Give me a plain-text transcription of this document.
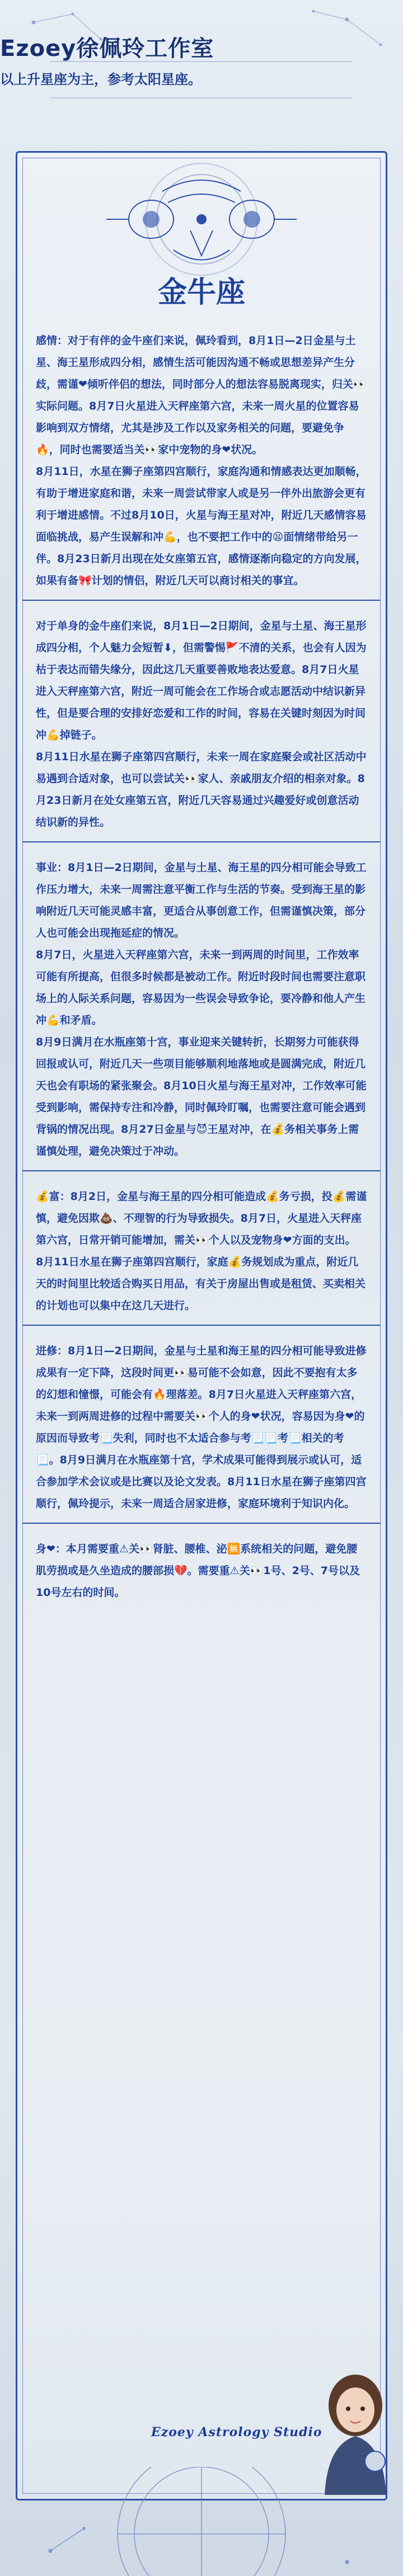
Ezoey徐佩玲工作室
以上升星座为主，参考太阳星座。
金牛座

感情：对于有伴的金牛座们来说，佩玲看到，8月1日—2日金星与土星、海王星形成四分相，感情生活可能因沟通不畅或思想差异产生分歧，需谨❤倾听伴侣的想法，同时部分人的想法容易脱离现实，归关👀实际问题。8月7日火星进入天秤座第六宫，未来一周火星的位置容易影响到双方情绪，尤其是涉及工作以及家务相关的问题，要避免争🔥，同时也需要适当关👀家中宠物的身❤状况。

8月11日，水星在狮子座第四宫顺行，家庭沟通和情感表达更加顺畅，有助于增进家庭和谐，未来一周尝试带家人或是另一伴外出旅游会更有利于增进感情。不过8月10日，火星与海王星对冲，附近几天感情容易面临挑战，易产生误解和冲💪，也不要把工作中的😫面情绪带给另一伴。8月23日新月出现在处女座第五宫，感情逐渐向稳定的方向发展，如果有备🎀计划的情侣，附近几天可以商讨相关的事宜。

对于单身的金牛座们来说，8月1日—2日期间，金星与土星、海王星形成四分相，个人魅力会短暂⬇，但需警惕🚩不清的关系，也会有人因为枯于表达而错失缘分，因此这几天重要善败地表达爱意。8月7日火星进入天秤座第六宫，附近一周可能会在工作场合或志愿活动中结识新异性，但是要合理的安排好恋爱和工作的时间，容易在关键时刻因为时间冲💪掉链子。

8月11日水星在狮子座第四宫顺行，未来一周在家庭聚会或社区活动中易遇到合适对象，也可以尝试关👀家人、亲戚朋友介绍的相亲对象。8月23日新月在处女座第五宫，附近几天容易通过兴趣爱好或创意活动结识新的异性。

事业：8月1日—2日期间，金星与土星、海王星的四分相可能会导致工作压力增大，未来一周需注意平衡工作与生活的节奏。受到海王星的影响附近几天可能灵感丰富，更适合从事创意工作，但需谨慎决策，部分人也可能会出现拖延症的情况。

8月7日，火星进入天秤座第六宫，未来一到两周的时间里，工作效率可能有所提高，但很多时候都是被动工作。附近时段时间也需要注意职场上的人际关系问题，容易因为一些误会导致争论，要冷静和他人产生冲💪和矛盾。

8月9日满月在水瓶座第十宫，事业迎来关键转折，长期努力可能获得回报或认可，附近几天一些项目能够顺利地落地或是圆满完成，附近几天也会有职场的紧张聚会。8月10日火星与海王星对冲，工作效率可能受到影响，需保持专注和冷静，同时佩玲盯嘱，也需要注意可能会遇到背锅的情况出现。8月27日金星与😈王星对冲，在💰务相关事务上需谨慎处理，避免决策过于冲动。

💰富：8月2日，金星与海王星的四分相可能造成💰务亏损，投💰需谨慎，避免因欺💩、不理智的行为导致损失。8月7日，火星进入天秤座第六宫，日常开销可能增加，需关👀个人以及宠物身❤方面的支出。

8月11日水星在狮子座第四宫顺行，家庭💰务规划成为重点，附近几天的时间里比较适合购买日用品，有关于房屋出售或是租赁、买卖相关的计划也可以集中在这几天进行。

进修：8月1日—2日期间，金星与土星和海王星的四分相可能导致进修成果有一定下降，这段时间更👀易可能不会如意，因此不要抱有太多的幻想和憧憬，可能会有🔥理落差。8月7日火星进入天秤座第六宫，未来一到两周进修的过程中需要关👀个人的身❤状况，容易因为身❤的原因而导致考📃失利，同时也不太适合参与考📃📃考📃相关的考📃。8月9日满月在水瓶座第十宫，学术成果可能得到展示或认可，适合参加学术会议或是比赛以及论文发表。8月11日水星在狮子座第四宫顺行，佩玲提示，未来一周适合居家进修，家庭环境利于知识内化。

身❤：本月需要重⚠关👀肾脏、腰椎、泌🈚系统相关的问题，避免腰肌劳损或是久坐造成的腰部损💔。需要重⚠关👀1号、2号、7号以及10号左右的时间。

Ezoey Astrology Studio
